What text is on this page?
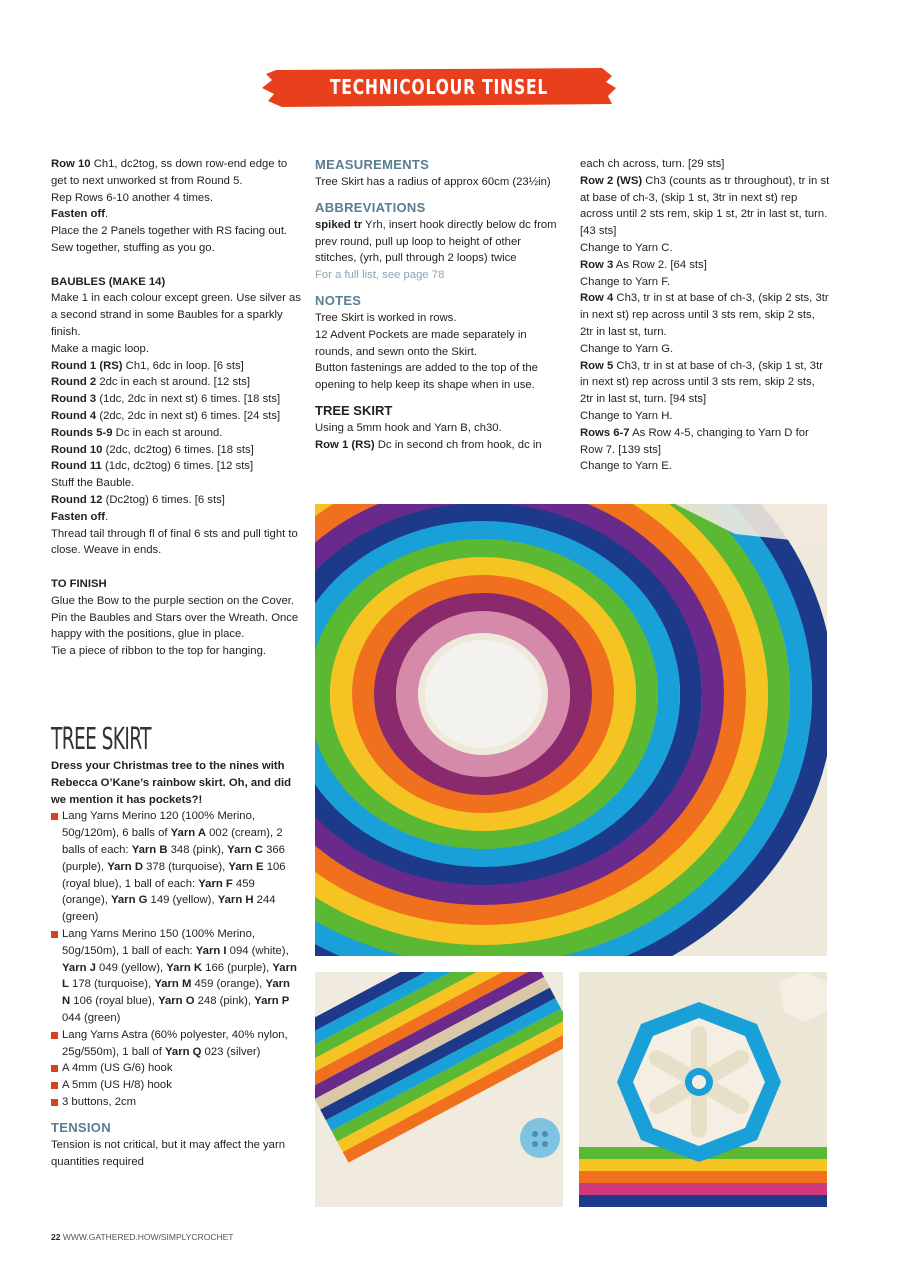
TECHNICOLOUR TINSEL COLLECTION

Row 10 Ch1, dc2tog, ss down row-end edge to get to next unworked st from Round 5.

Rep Rows 6-10 another 4 times.

Fasten off.

Place the 2 Panels together with RS facing out. Sew together, stuffing as you go.

BAUBLES (MAKE 14)

Make 1 in each colour except green. Use silver as a second strand in some Baubles for a sparkly finish.

Make a magic loop.

Round 1 (RS) Ch1, 6dc in loop. [6 sts]

Round 2 2dc in each st around. [12 sts]

Round 3 (1dc, 2dc in next st) 6 times. [18 sts]

Round 4 (2dc, 2dc in next st) 6 times. [24 sts]

Rounds 5-9 Dc in each st around.

Round 10 (2dc, dc2tog) 6 times. [18 sts]

Round 11 (1dc, dc2tog) 6 times. [12 sts]

Stuff the Bauble.

Round 12 (Dc2tog) 6 times. [6 sts]

Fasten off.

Thread tail through fl of final 6 sts and pull tight to close. Weave in ends.

TO FINISH

Glue the Bow to the purple section on the Cover.

Pin the Baubles and Stars over the Wreath. Once happy with the positions, glue in place.

Tie a piece of ribbon to the top for hanging.

TREE SKIRT

Dress your Christmas tree to the nines with Rebecca O’Kane’s rainbow skirt. Oh, and did we mention it has pockets?!

Lang Yarns Merino 120 (100% Merino, 50g/120m), 6 balls of Yarn A 002 (cream), 2 balls of each: Yarn B 348 (pink), Yarn C 366 (purple), Yarn D 378 (turquoise), Yarn E 106 (royal blue), 1 ball of each: Yarn F 459 (orange), Yarn G 149 (yellow), Yarn H 244 (green)
Lang Yarns Merino 150 (100% Merino, 50g/150m), 1 ball of each: Yarn I 094 (white), Yarn J 049 (yellow), Yarn K 166 (purple), Yarn L 178 (turquoise), Yarn M 459 (orange), Yarn N 106 (royal blue), Yarn O 248 (pink), Yarn P 044 (green)
Lang Yarns Astra (60% polyester, 40% nylon, 25g/550m), 1 ball of Yarn Q 023 (silver)
A 4mm (US G/6) hook
A 5mm (US H/8) hook
3 buttons, 2cm

TENSION

Tension is not critical, but it may affect the yarn quantities required

MEASUREMENTS

Tree Skirt has a radius of approx 60cm (23½in)

ABBREVIATIONS

spiked tr Yrh, insert hook directly below dc from prev round, pull up loop to height of other stitches, (yrh, pull through 2 loops) twice

For a full list, see page 78

NOTES

Tree Skirt is worked in rows.

12 Advent Pockets are made separately in rounds, and sewn onto the Skirt.

Button fastenings are added to the top of the opening to help keep its shape when in use.

TREE SKIRT

Using a 5mm hook and Yarn B, ch30.

Row 1 (RS) Dc in second ch from hook, dc in

each ch across, turn. [29 sts]

Row 2 (WS) Ch3 (counts as tr throughout), tr in st at base of ch-3, (skip 1 st, 3tr in next st) rep across until 2 sts rem, skip 1 st, 2tr in last st, turn. [43 sts]

Change to Yarn C.

Row 3 As Row 2. [64 sts]

Change to Yarn F.

Row 4 Ch3, tr in st at base of ch-3, (skip 2 sts, 3tr in next st) rep across until 3 sts rem, skip 2 sts, 2tr in last st, turn.

Change to Yarn G.

Row 5 Ch3, tr in st at base of ch-3, (skip 1 st, 3tr in next st) rep across until 3 sts rem, skip 2 sts, 2tr in last st, turn. [94 sts]

Change to Yarn H.

Rows 6-7 As Row 4-5, changing to Yarn D for Row 7. [139 sts]

Change to Yarn E.

22 WWW.GATHERED.HOW/SIMPLYCROCHET
